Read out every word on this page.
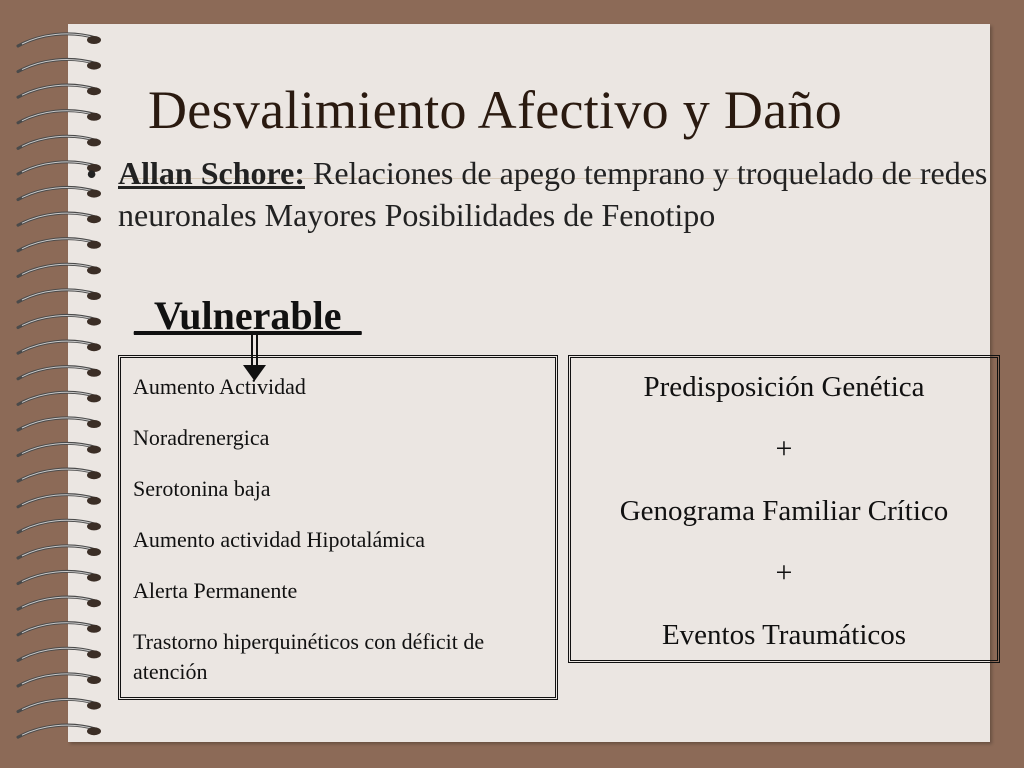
Desvalimiento Afectivo y Daño
• Allan Schore: Relaciones de apego temprano y troquelado de redes neuronales Mayores Posibilidades de Fenotipo
_Vulnerable_
Aumento Actividad
Noradrenergica
Serotonina baja
Aumento actividad Hipotalámica
Alerta Permanente
Trastorno hiperquinéticos con déficit de atención
Predisposición Genética
+
Genograma Familiar Crítico
+
Eventos Traumáticos
